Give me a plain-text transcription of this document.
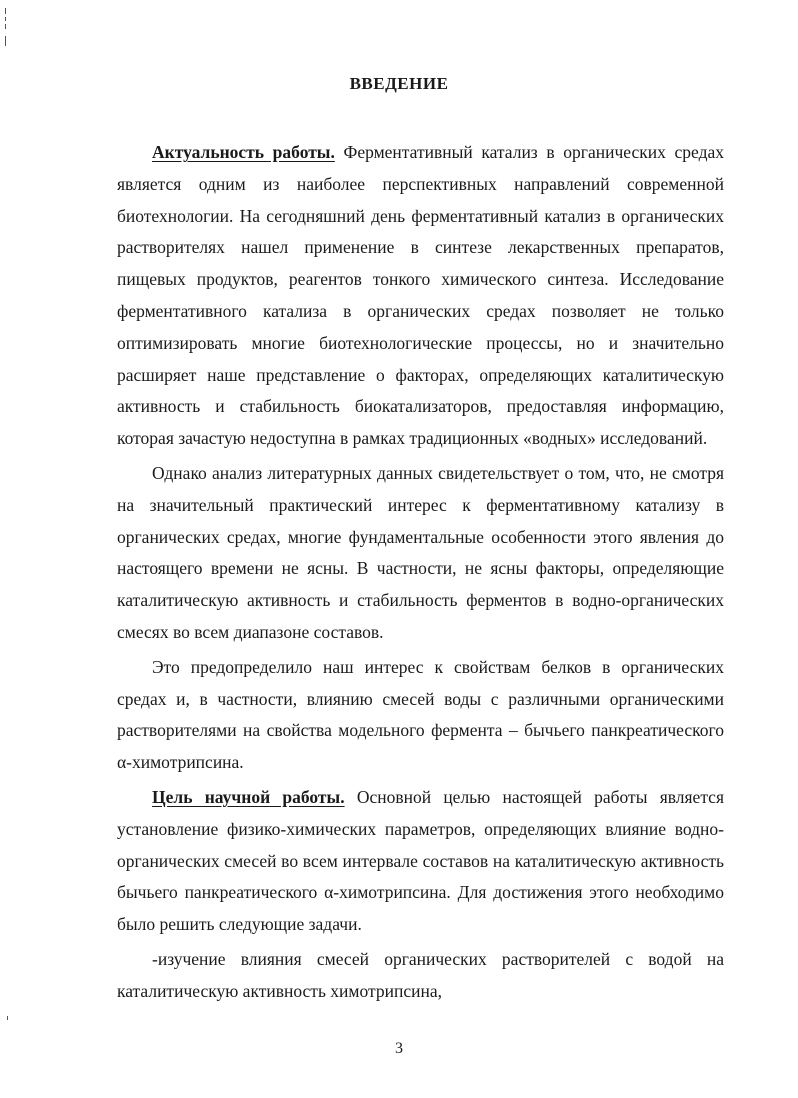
ВВЕДЕНИЕ

Актуальность работы. Ферментативный катализ в органических средах является одним из наиболее перспективных направлений современной биотехнологии. На сегодняшний день ферментативный катализ в органических растворителях нашел применение в синтезе лекарственных препаратов, пищевых продуктов, реагентов тонкого химического синтеза. Исследование ферментативного катализа в органических средах позволяет не только оптимизировать многие биотехнологические процессы, но и значительно расширяет наше представление о факторах, определяющих каталитическую активность и стабильность биокатализаторов, предоставляя информацию, которая зачастую недоступна в рамках традиционных «водных» исследований.

Однако анализ литературных данных свидетельствует о том, что, не смотря на значительный практический интерес к ферментативному катализу в органических средах, многие фундаментальные особенности этого явления до настоящего времени не ясны. В частности, не ясны факторы, определяющие каталитическую активность и стабильность ферментов в водно-органических смесях во всем диапазоне составов.

Это предопределило наш интерес к свойствам белков в органических средах и, в частности, влиянию смесей воды с различными органическими растворителями на свойства модельного фермента – бычьего панкреатического α-химотрипсина.

Цель научной работы. Основной целью настоящей работы является установление физико-химических параметров, определяющих влияние водно-органических смесей во всем интервале составов на каталитическую активность бычьего панкреатического α-химотрипсина. Для достижения этого необходимо было решить следующие задачи.

-изучение влияния смесей органических растворителей с водой на каталитическую активность химотрипсина,

3
